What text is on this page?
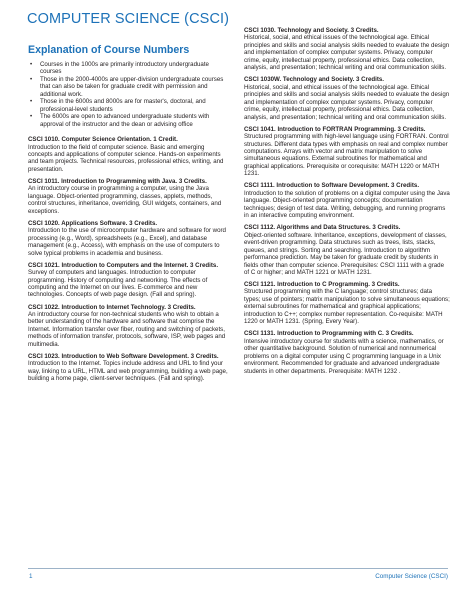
COMPUTER SCIENCE (CSCI)
Explanation of Course Numbers
• Courses in the 1000s are primarily introductory undergraduate courses
• Those in the 2000-4000s are upper-division undergraduate courses that can also be taken for graduate credit with permission and additional work.
• Those in the 6000s and 8000s are for master's, doctoral, and professional-level students
• The 6000s are open to advanced undergraduate students with approval of the instructor and the dean or advising office
CSCI 1010. Computer Science Orientation. 1 Credit.
Introduction to the field of computer science. Basic and emerging concepts and applications of computer science. Hands-on experiments and team projects. Technical resources, professional ethics, writing, and presentation.
CSCI 1011. Introduction to Programming with Java. 3 Credits.
An introductory course in programming a computer, using the Java language. Object-oriented programming, classes, applets, methods, control structures, inheritance, overriding, GUI widgets, containers, and exceptions.
CSCI 1020. Applications Software. 3 Credits.
Introduction to the use of microcomputer hardware and software for word processing (e.g., Word), spreadsheets (e.g., Excel), and database management (e.g., Access), with emphasis on the use of computers to solve typical problems in academia and business.
CSCI 1021. Introduction to Computers and the Internet. 3 Credits.
Survey of computers and languages. Introduction to computer programming. History of computing and networking. The effects of computing and the Internet on our lives. E-commerce and new technologies. Concepts of web page design. (Fall and spring).
CSCI 1022. Introduction to Internet Technology. 3 Credits.
An introductory course for non-technical students who wish to obtain a better understanding of the hardware and software that comprise the Internet. Information transfer over fiber, routing and switching of packets, methods of information transfer, protocols, software, ISP, web pages and multimedia.
CSCI 1023. Introduction to Web Software Development. 3 Credits.
Introduction to the Internet. Topics include address and URL to find your way, linking to a URL, HTML and web programming, building a web page, building a home page, client-server techniques. (Fall and spring).
CSCI 1030. Technology and Society. 3 Credits.
Historical, social, and ethical issues of the technological age. Ethical principles and skills and social analysis skills needed to evaluate the design and implementation of complex computer systems. Privacy, computer crime, equity, intellectual property, professional ethics. Data collection, analysis, and presentation; technical writing and oral communication skills.
CSCI 1030W. Technology and Society. 3 Credits.
Historical, social, and ethical issues of the technological age. Ethical principles and skills and social analysis skills needed to evaluate the design and implementation of complex computer systems. Privacy, computer crime, equity, intellectual property, professional ethics. Data collection, analysis, and presentation; technical writing and oral communication skills.
CSCI 1041. Introduction to FORTRAN Programming. 3 Credits.
Structured programming with high-level language using FORTRAN. Control structures. Different data types with emphasis on real and complex number computations. Arrays with vector and matrix manipulation to solve simultaneous equations. External subroutines for mathematical and graphical applications. Prerequisite or corequisite: MATH 1220 or MATH 1231.
CSCI 1111. Introduction to Software Development. 3 Credits.
Introduction to the solution of problems on a digital computer using the Java language. Object-oriented programming concepts; documentation techniques; design of test data. Writing, debugging, and running programs in an interactive computing environment.
CSCI 1112. Algorithms and Data Structures. 3 Credits.
Object-oriented software. Inheritance, exceptions, development of classes, event-driven programming. Data structures such as trees, lists, stacks, queues, and strings. Sorting and searching. Introduction to algorithm performance prediction. May be taken for graduate credit by students in fields other than computer science. Prerequisites: CSCI 1111 with a grade of C or higher; and MATH 1221 or MATH 1231.
CSCI 1121. Introduction to C Programming. 3 Credits.
Structured programming with the C language; control structures; data types; use of pointers; matrix manipulation to solve simultaneous equations; external subroutines for mathematical and graphical applications; introduction to C++; complex number representation. Co-requisite: MATH 1220 or MATH 1231. (Spring, Every Year).
CSCI 1131. Introduction to Programming with C. 3 Credits.
Intensive introductory course for students with a science, mathematics, or other quantitative background. Solution of numerical and nonnumerical problems on a digital computer using C programming language in a Unix environment. Recommended for graduate and advanced undergraduate students in other departments. Prerequisite: MATH 1232 .
1	Computer Science (CSCI)
